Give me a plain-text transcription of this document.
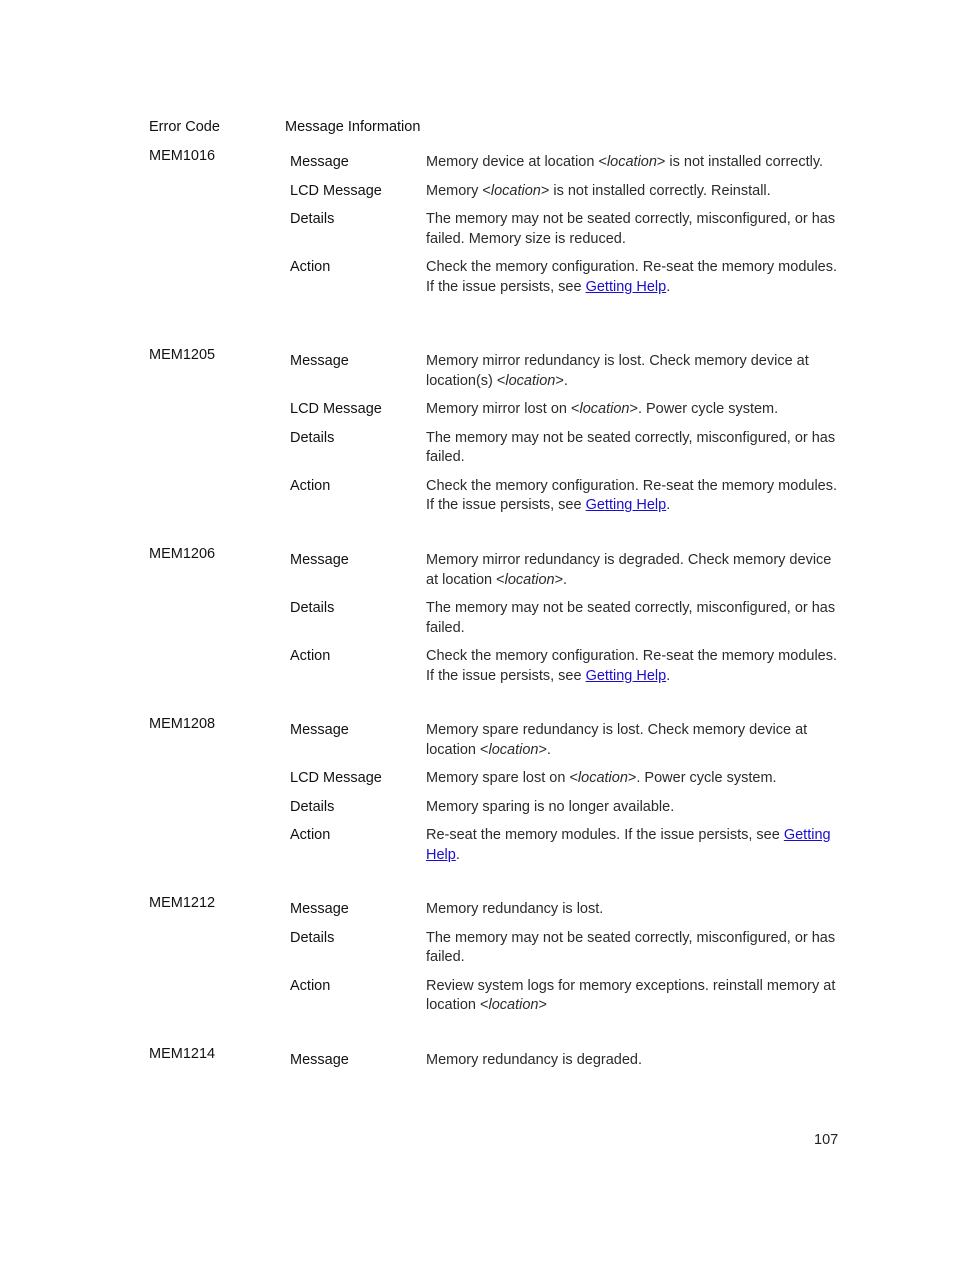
Error Code	Message Information
MEM1016	Message	Memory device at location <location> is not installed correctly.
LCD Message	Memory <location> is not installed correctly. Reinstall.
Details	The memory may not be seated correctly, misconfigured, or has failed. Memory size is reduced.
Action	Check the memory configuration. Re-seat the memory modules. If the issue persists, see Getting Help.
MEM1205	Message	Memory mirror redundancy is lost. Check memory device at location(s) <location>.
LCD Message	Memory mirror lost on <location>. Power cycle system.
Details	The memory may not be seated correctly, misconfigured, or has failed.
Action	Check the memory configuration. Re-seat the memory modules. If the issue persists, see Getting Help.
MEM1206	Message	Memory mirror redundancy is degraded. Check memory device at location <location>.
Details	The memory may not be seated correctly, misconfigured, or has failed.
Action	Check the memory configuration. Re-seat the memory modules. If the issue persists, see Getting Help.
MEM1208	Message	Memory spare redundancy is lost. Check memory device at location <location>.
LCD Message	Memory spare lost on <location>. Power cycle system.
Details	Memory sparing is no longer available.
Action	Re-seat the memory modules. If the issue persists, see Getting Help.
MEM1212	Message	Memory redundancy is lost.
Details	The memory may not be seated correctly, misconfigured, or has failed.
Action	Review system logs for memory exceptions. reinstall memory at location <location>
MEM1214	Message	Memory redundancy is degraded.
107
